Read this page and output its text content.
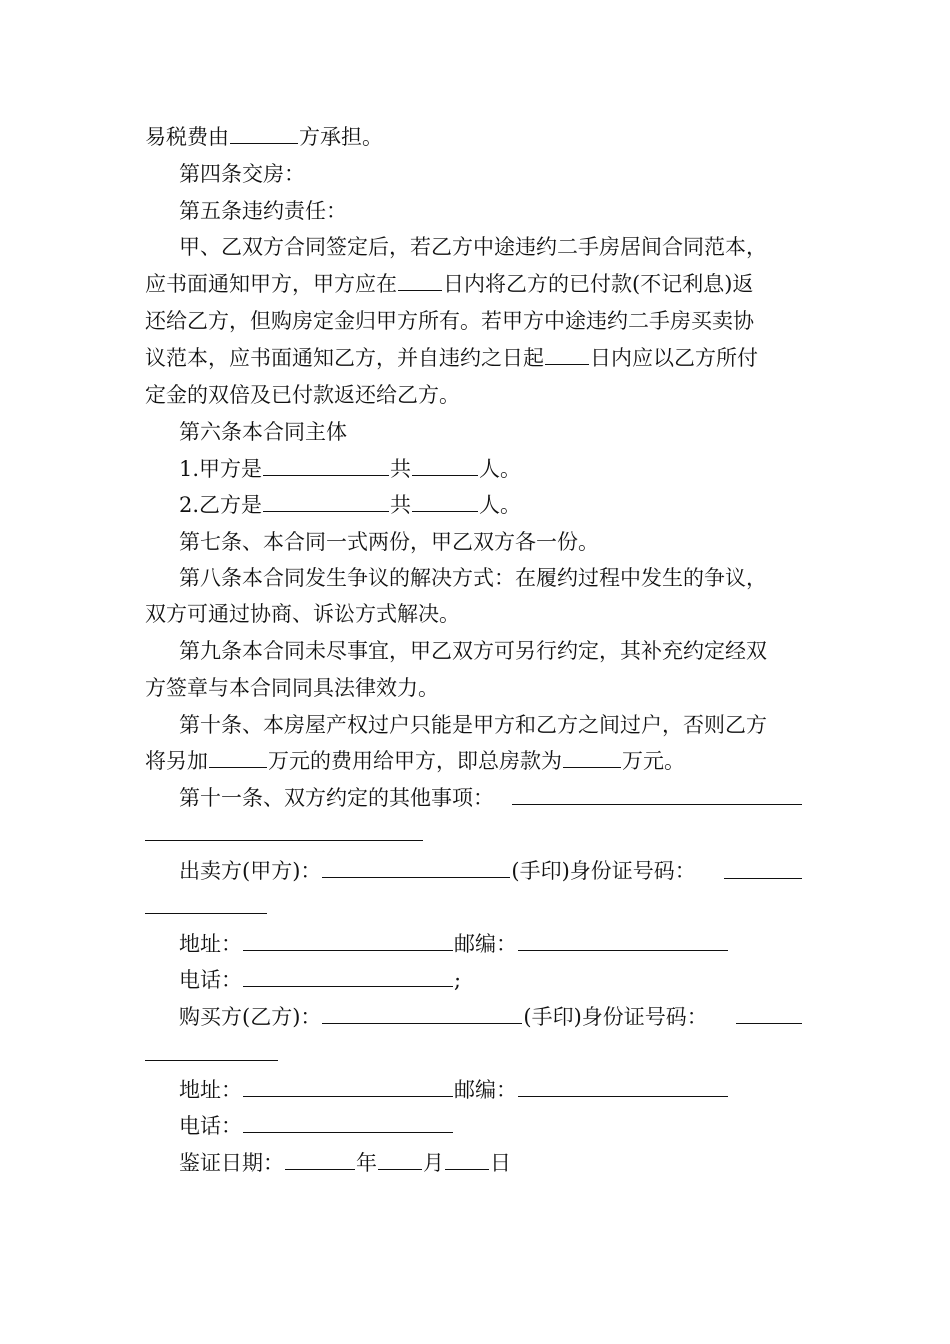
易税费由	方承担。
第四条交房：
第五条违约责任：
甲、乙双方合同签定后，若乙方中途违约二手房居间合同范本，
应书面通知甲方，甲方应在 日内将乙方的已付款(不记利息)返
还给乙方，但购房定金归甲方所有。若甲方中途违约二手房买卖协
议范本，应书面通知乙方，并自违约之日起 日内应以乙方所付
定金的双倍及已付款返还给乙方。
第六条本合同主体
1.甲方是	共	人。
2.乙方是	共	人。
第七条、本合同一式两份，甲乙双方各一份。
第八条本合同发生争议的解决方式：在履约过程中发生的争议，
双方可通过协商、诉讼方式解决。
第九条本合同未尽事宜，甲乙双方可另行约定，其补充约定经双
方签章与本合同同具法律效力。
第十条、本房屋产权过户只能是甲方和乙方之间过户，否则乙方
将另加	万元的费用给甲方，即总房款为	万元。
第十一条、双方约定的其他事项：
出卖方(甲方)：	(手印)身份证号码：
地址：	邮编：
电话：	;
购买方(乙方)：	(手印)身份证号码：
地址：	邮编：
电话：
鉴证日期：	年 月 日
